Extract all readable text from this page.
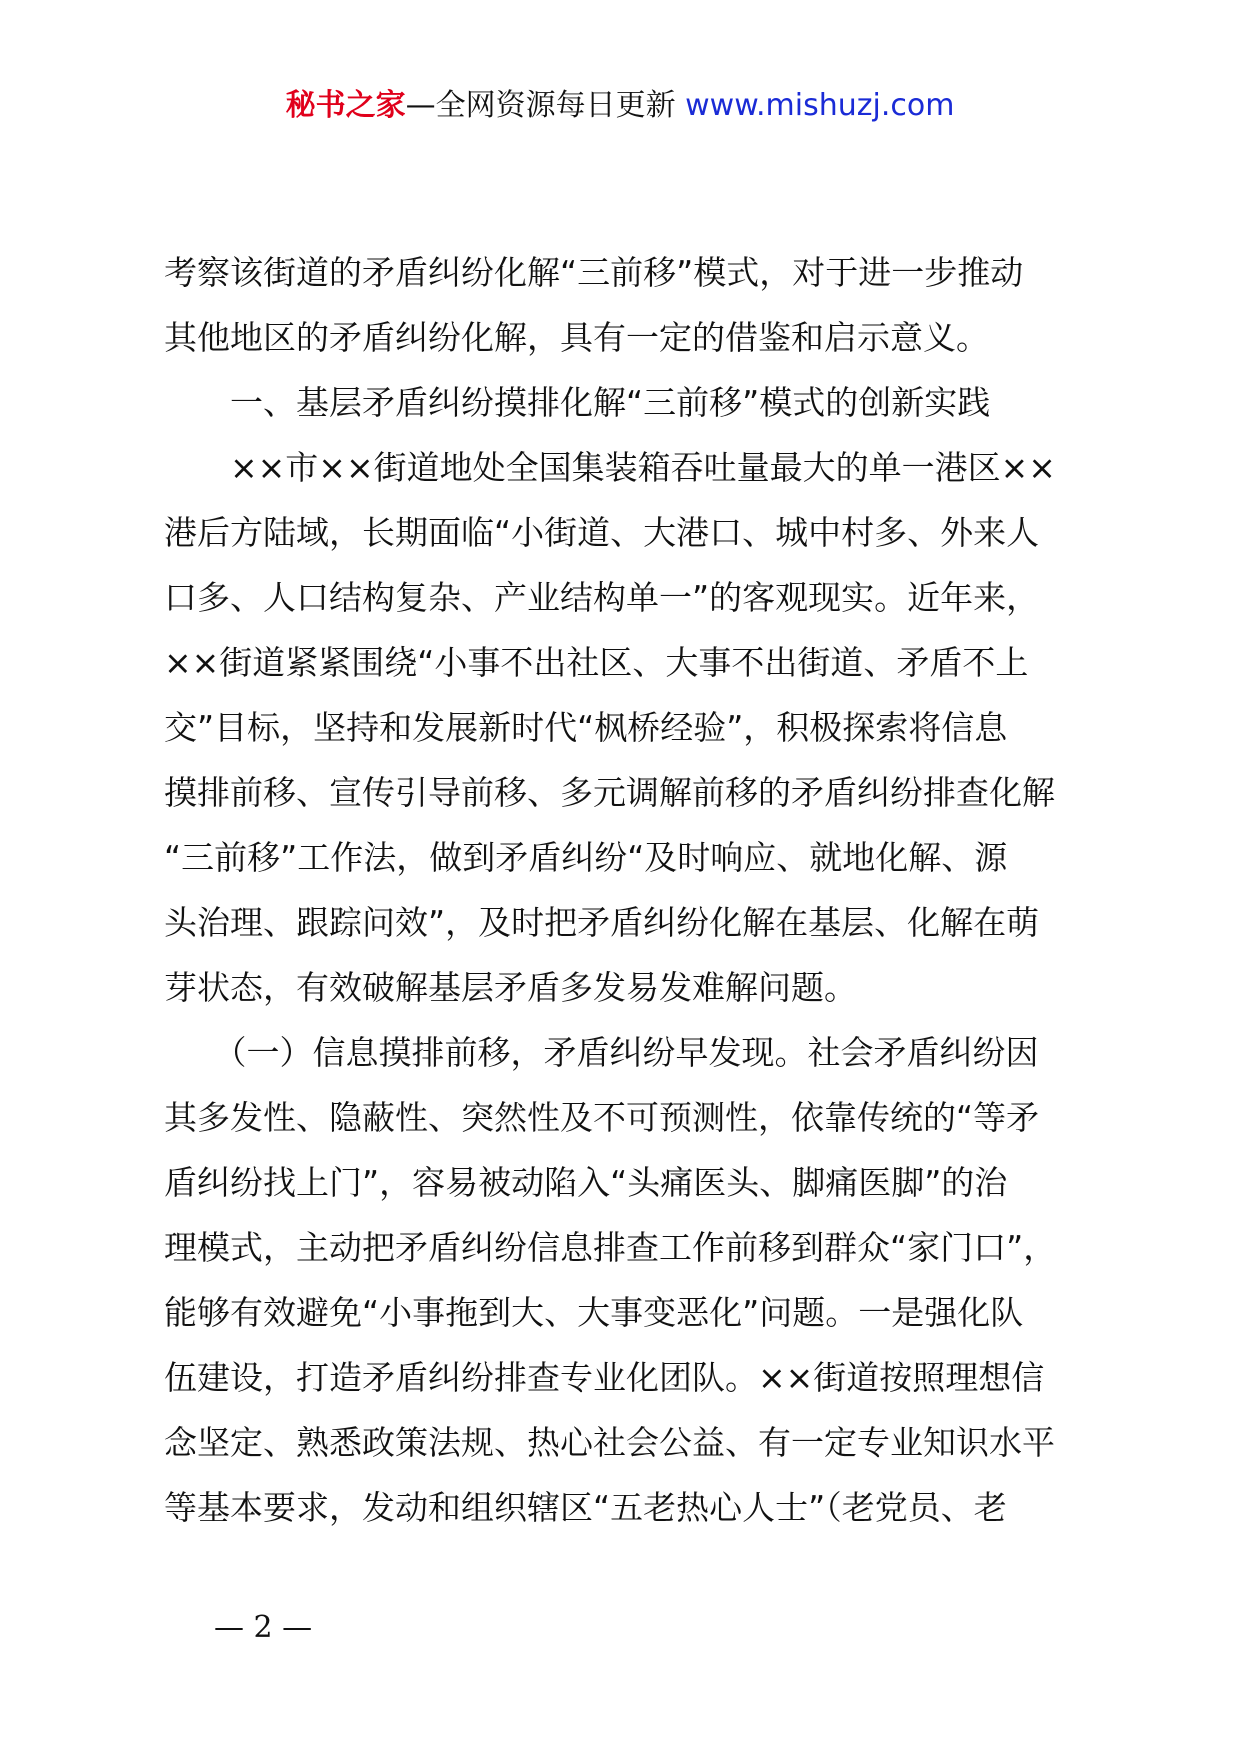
秘书之家—全网资源每日更新 www.mishuzj.com
考察该街道的矛盾纠纷化解“三前移”模式，对于进一步推动
其他地区的矛盾纠纷化解，具有一定的借鉴和启示意义。
　　一、基层矛盾纠纷摸排化解“三前移”模式的创新实践
　　××市××街道地处全国集装箱吞吐量最大的单一港区××
港后方陆域，长期面临“小街道、大港口、城中村多、外来人
口多、人口结构复杂、产业结构单一”的客观现实。近年来，
××街道紧紧围绕“小事不出社区、大事不出街道、矛盾不上
交”目标，坚持和发展新时代“枫桥经验”，积极探索将信息
摸排前移、宣传引导前移、多元调解前移的矛盾纠纷排查化解
“三前移”工作法，做到矛盾纠纷“及时响应、就地化解、源
头治理、跟踪问效”，及时把矛盾纠纷化解在基层、化解在萌
芽状态，有效破解基层矛盾多发易发难解问题。
　　（一）信息摸排前移，矛盾纠纷早发现。社会矛盾纠纷因
其多发性、隐蔽性、突然性及不可预测性，依靠传统的“等矛
盾纠纷找上门”，容易被动陷入“头痛医头、脚痛医脚”的治
理模式，主动把矛盾纠纷信息排查工作前移到群众“家门口”，
能够有效避免“小事拖到大、大事变恶化”问题。一是强化队
伍建设，打造矛盾纠纷排查专业化团队。××街道按照理想信
念坚定、熟悉政策法规、热心社会公益、有一定专业知识水平
等基本要求，发动和组织辖区“五老热心人士”（老党员、老
— 2 —
